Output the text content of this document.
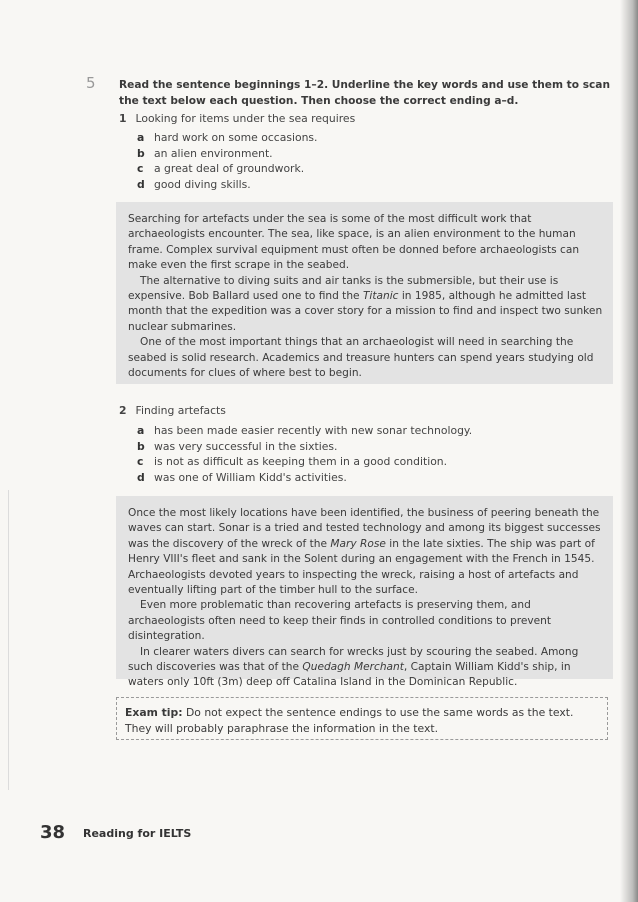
5 Read the sentence beginnings 1–2. Underline the key words and use them to scan the text below each question. Then choose the correct ending a–d.
1 Looking for items under the sea requires
a hard work on some occasions.
b an alien environment.
c a great deal of groundwork.
d good diving skills.

Searching for artefacts under the sea is some of the most difficult work that archaeologists encounter. The sea, like space, is an alien environment to the human frame. Complex survival equipment must often be donned before archaeologists can make even the first scrape in the seabed.

The alternative to diving suits and air tanks is the submersible, but their use is expensive. Bob Ballard used one to find the Titanic in 1985, although he admitted last month that the expedition was a cover story for a mission to find and inspect two sunken nuclear submarines.

One of the most important things that an archaeologist will need in searching the seabed is solid research. Academics and treasure hunters can spend years studying old documents for clues of where best to begin.

2 Finding artefacts
a has been made easier recently with new sonar technology.
b was very successful in the sixties.
c is not as difficult as keeping them in a good condition.
d was one of William Kidd's activities.

Once the most likely locations have been identified, the business of peering beneath the waves can start. Sonar is a tried and tested technology and among its biggest successes was the discovery of the wreck of the Mary Rose in the late sixties. The ship was part of Henry VIII's fleet and sank in the Solent during an engagement with the French in 1545. Archaeologists devoted years to inspecting the wreck, raising a host of artefacts and eventually lifting part of the timber hull to the surface.

Even more problematic than recovering artefacts is preserving them, and archaeologists often need to keep their finds in controlled conditions to prevent disintegration.

In clearer waters divers can search for wrecks just by scouring the seabed. Among such discoveries was that of the Quedagh Merchant, Captain William Kidd's ship, in waters only 10ft (3m) deep off Catalina Island in the Dominican Republic.

Exam tip: Do not expect the sentence endings to use the same words as the text. They will probably paraphrase the information in the text.
38 Reading for IELTS
